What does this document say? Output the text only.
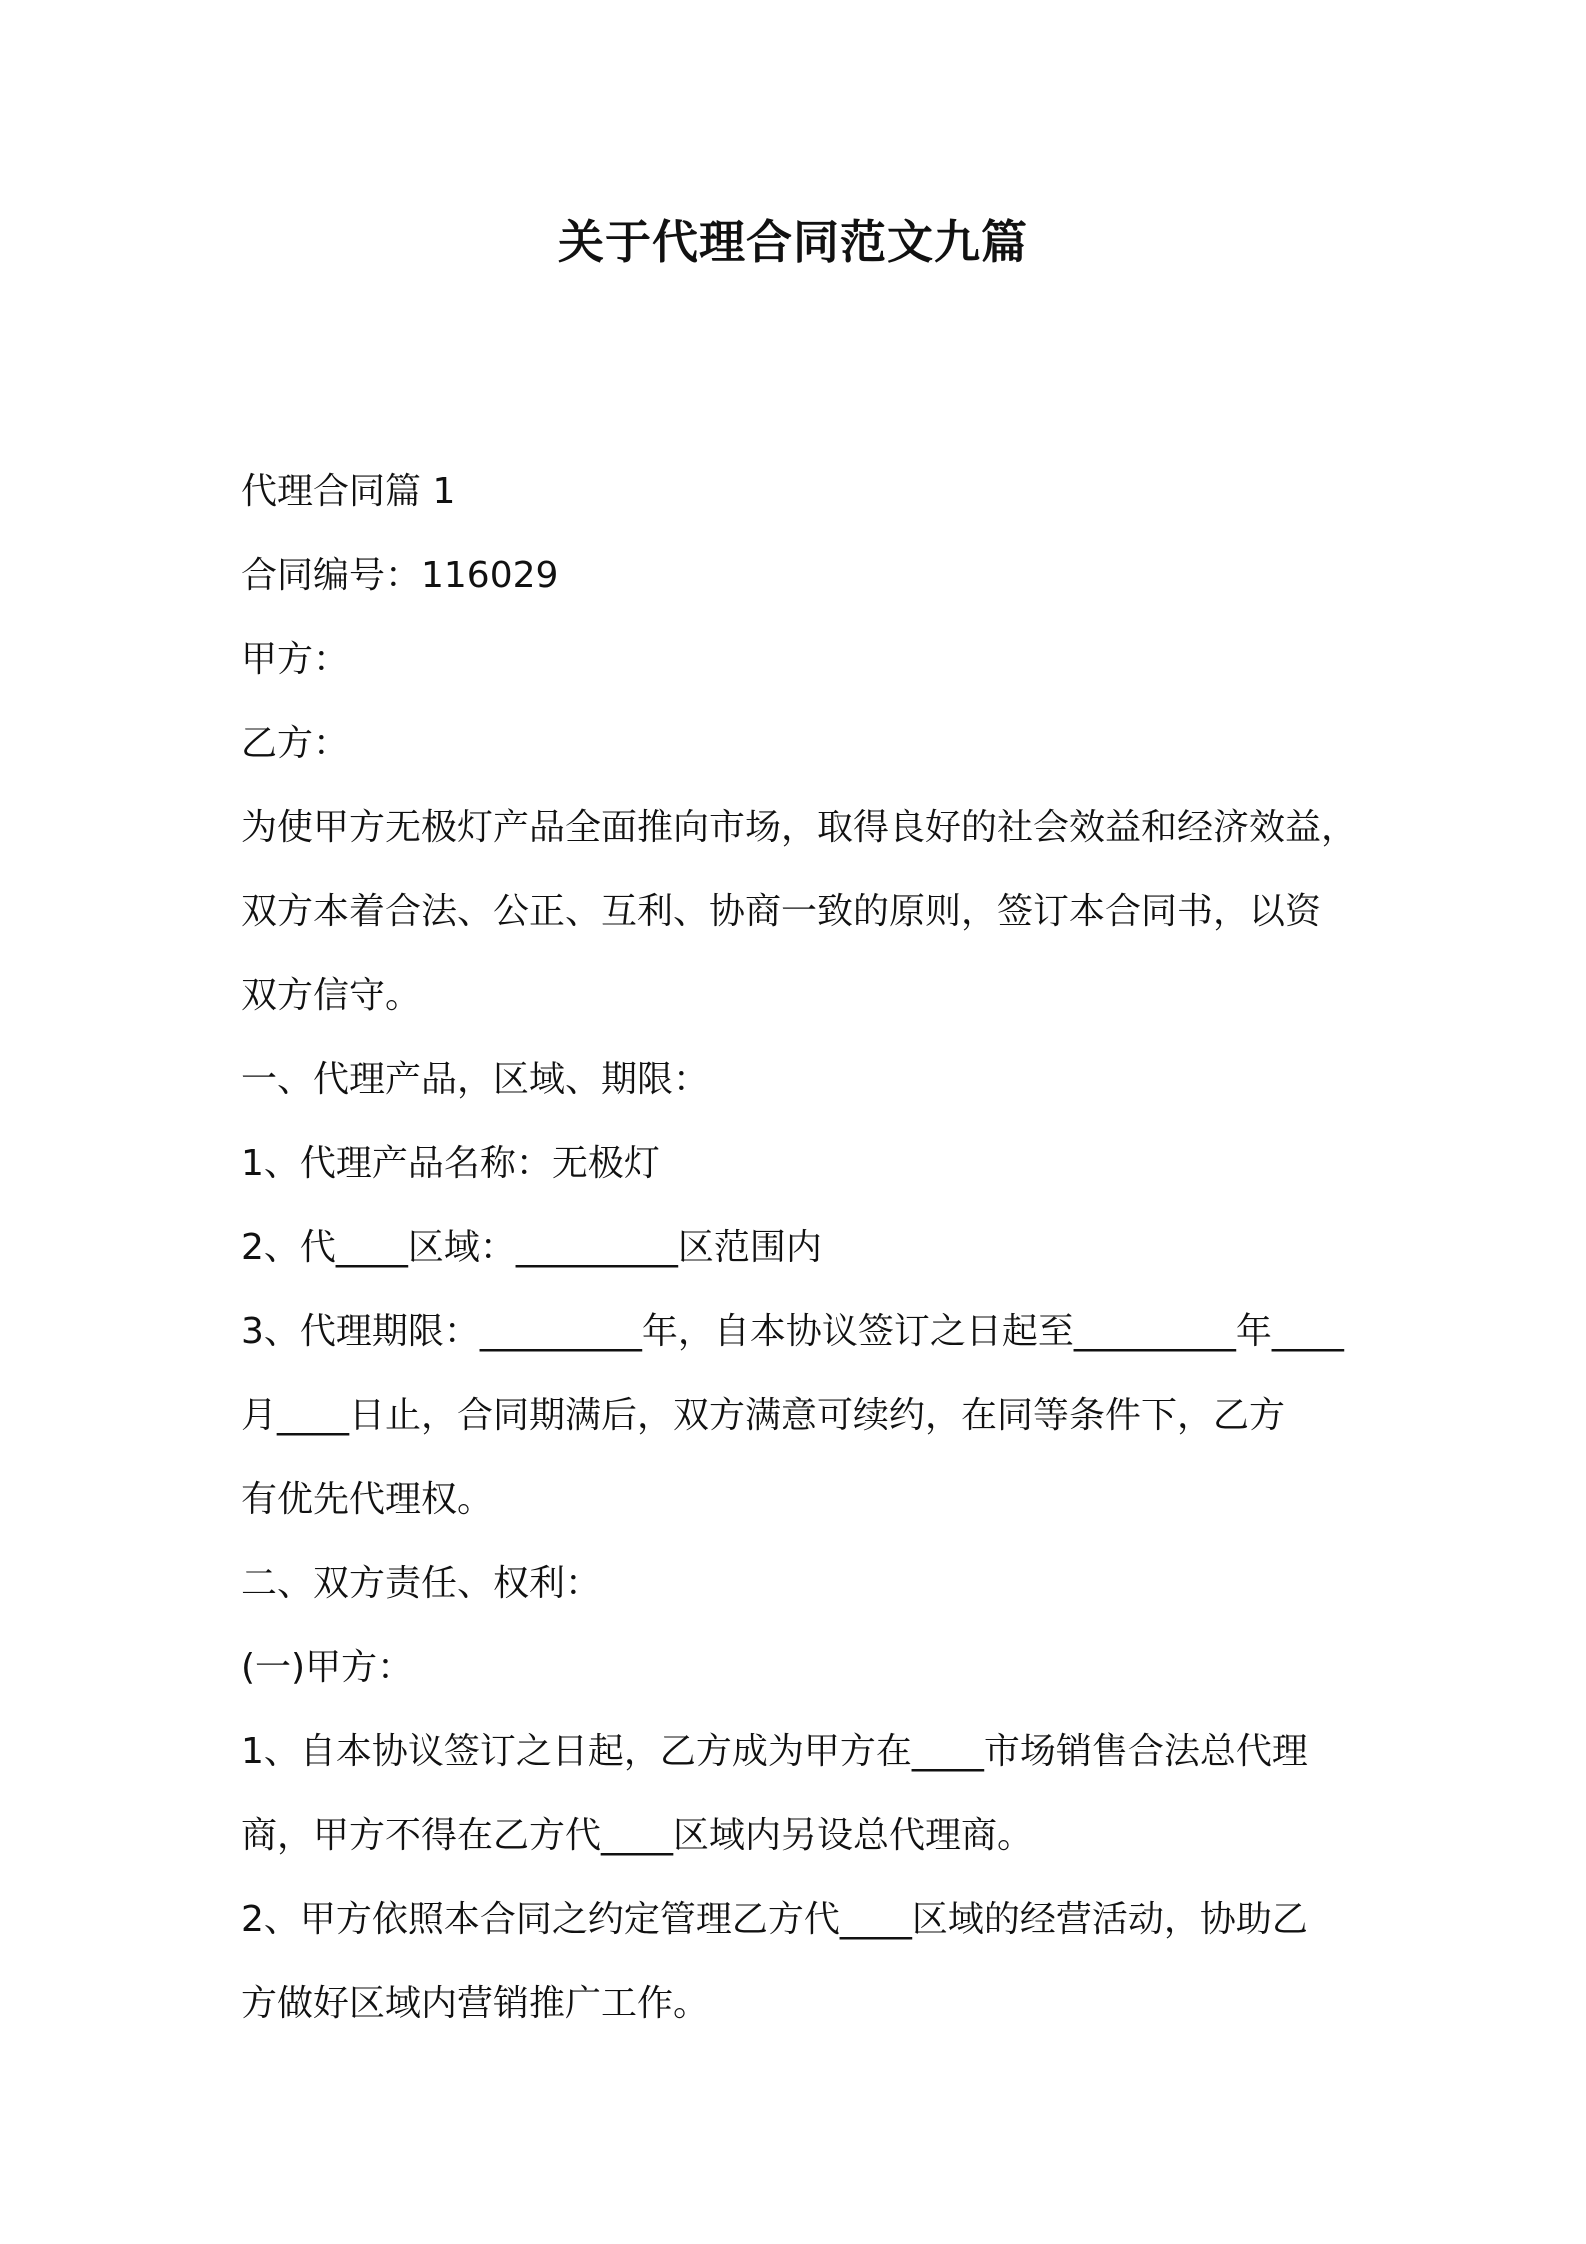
关于代理合同范文九篇
代理合同篇 1
合同编号：116029
甲方：
乙方：
为使甲方无极灯产品全面推向市场，取得良好的社会效益和经济效益，
双方本着合法、公正、互利、协商一致的原则，签订本合同书，以资
双方信守。
一、代理产品，区域、期限：
1、代理产品名称：无极灯
2、代____区域：_________区范围内
3、代理期限：_________年，自本协议签订之日起至_________年____
月____日止，合同期满后，双方满意可续约，在同等条件下，乙方
有优先代理权。
二、双方责任、权利：
(一)甲方：
1、自本协议签订之日起，乙方成为甲方在____市场销售合法总代理
商，甲方不得在乙方代____区域内另设总代理商。
2、甲方依照本合同之约定管理乙方代____区域的经营活动，协助乙
方做好区域内营销推广工作。
